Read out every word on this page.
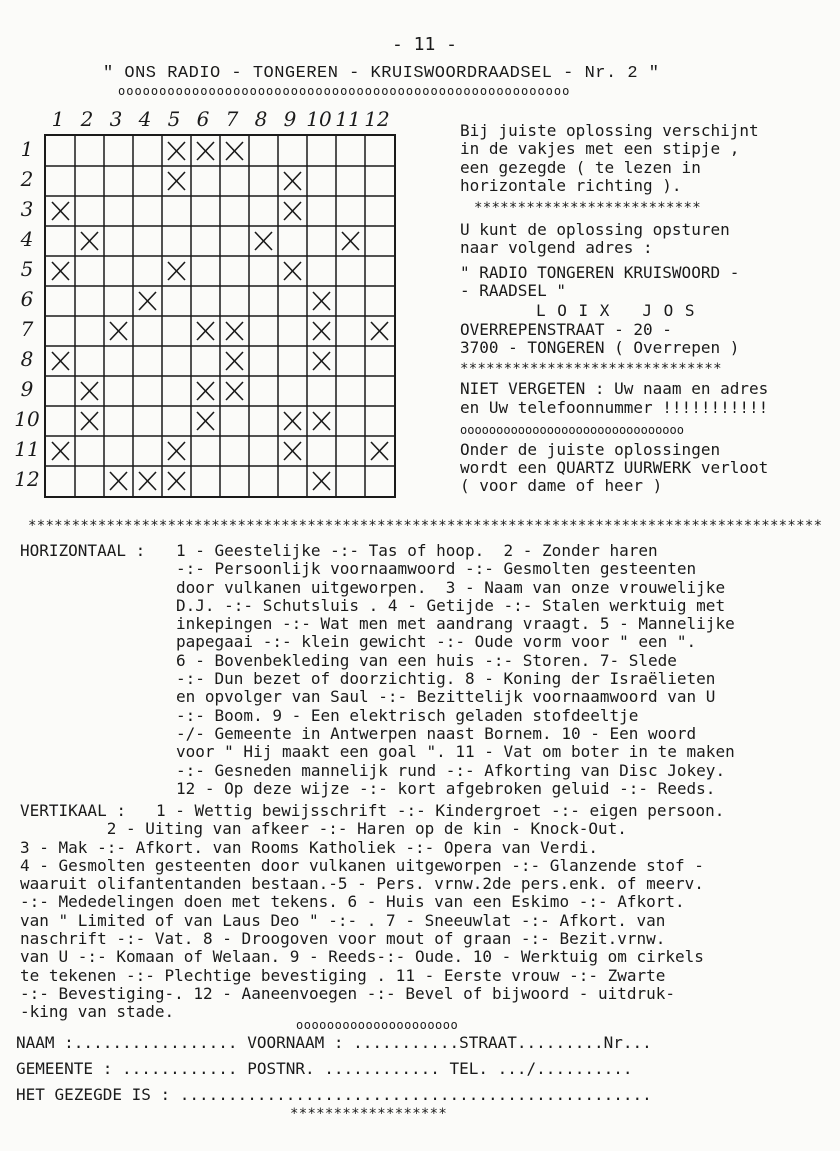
- 11 -
" ONS RADIO - TONGEREN - KRUISWOORDRAADSEL - Nr. 2 "
ooooooooooooooooooooooooooooooooooooooooooooooooooooooo
1 2 3 4 5 6 7 8 9 10 11 12
1
2
3
4
5
6
7
8
9
10
11
12
Bij juiste oplossing verschijnt
in de vakjes met een stipje ,
een gezegde ( te lezen in
horizontale richting ).
**************************
U kunt de oplossing opsturen
naar volgend adres :
" RADIO TONGEREN KRUISWOORD -
- RAADSEL "
L O I X   J O S
OVERREPENSTRAAT - 20 -
3700 - TONGEREN ( Overrepen )
******************************
NIET VERGETEN : Uw naam en adres
en Uw telefoonnummer !!!!!!!!!!!
ooooooooooooooooooooooooooooooo
Onder de juiste oplossingen
wordt een QUARTZ UURWERK verloot
( voor dame of heer )
*******************************************************************************************
HORIZONTAAL : 1 - Geestelijke -:- Tas of hoop.  2 - Zonder haren
-:- Persoonlijk voornaamwoord -:- Gesmolten gesteenten
door vulkanen uitgeworpen.  3 - Naam van onze vrouwelijke
D.J. -:- Schutsluis . 4 - Getijde -:- Stalen werktuig met
inkepingen -:- Wat men met aandrang vraagt. 5 - Mannelijke
papegaai -:- klein gewicht -:- Oude vorm voor " een ".
6 - Bovenbekleding van een huis -:- Storen. 7- Slede
-:- Dun bezet of doorzichtig. 8 - Koning der Israëlieten
en opvolger van Saul -:- Bezittelijk voornaamwoord van U
-:- Boom. 9 - Een elektrisch geladen stofdeeltje
-/- Gemeente in Antwerpen naast Bornem. 10 - Een woord
voor " Hij maakt een goal ". 11 - Vat om boter in te maken
-:- Gesneden mannelijk rund -:- Afkorting van Disc Jokey.
12 - Op deze wijze -:- kort afgebroken geluid -:- Reeds.
VERTIKAAL :	1 - Wettig bewijsschrift -:- Kindergroet -:- eigen persoon.
2 - Uiting van afkeer -:- Haren op de kin - Knock-Out.
3 - Mak -:- Afkort. van Rooms Katholiek -:- Opera van Verdi.
4 - Gesmolten gesteenten door vulkanen uitgeworpen -:- Glanzende stof -
waaruit olifantentanden bestaan.-5 - Pers. vrnw.2de pers.enk. of meerv.
-:- Mededelingen doen met tekens. 6 - Huis van een Eskimo -:- Afkort.
van " Limited of van Laus Deo " -:- . 7 - Sneeuwlat -:- Afkort. van
naschrift -:- Vat. 8 - Droogoven voor mout of graan -:- Bezit.vrnw.
van U -:- Komaan of Welaan. 9 - Reeds-:- Oude. 10 - Werktuig om cirkels
te tekenen -:- Plechtige bevestiging . 11 - Eerste vrouw -:- Zwarte
-:- Bevestiging-. 12 - Aaneenvoegen -:- Bevel of bijwoord - uitdruk-
-king van stade.
ooooooooooooooooooooo
NAAM :................. VOORNAAM : ...........STRAAT.........Nr...
GEMEENTE : ............ POSTNR. ............ TEL. .../..........
HET GEZEGDE IS : .................................................
******************
